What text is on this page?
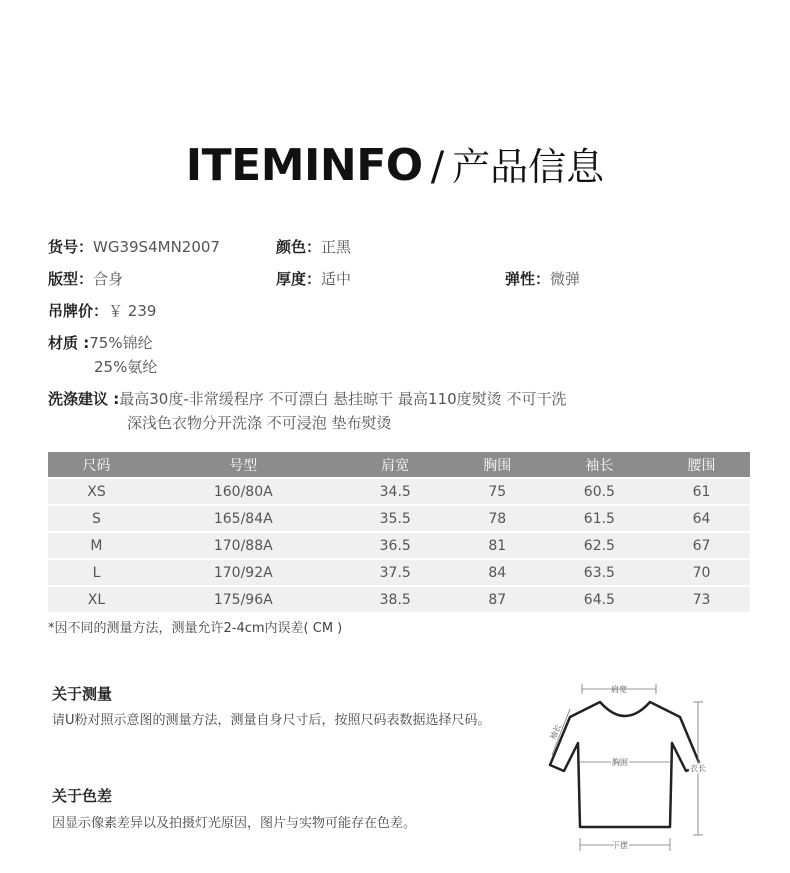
ITEMINFO / 产品信息
货号：WG39S4MN2007	颜色：正黑
版型：合身	厚度：适中	弹性：微弹
吊牌价：￥ 239
材质 :75%锦纶
25%氨纶
洗涤建议 :最高30度-非常缓程序 不可漂白 悬挂晾干 最高110度熨烫 不可干洗
深浅色衣物分开洗涤 不可浸泡 垫布熨烫
尺码	号型	肩宽	胸围	袖长	腰围
XS	160/80A	34.5	75	60.5	61
S	165/84A	35.5	78	61.5	64
M	170/88A	36.5	81	62.5	67
L	170/92A	37.5	84	63.5	70
XL	175/96A	38.5	87	64.5	73
*因不同的测量方法，测量允许2-4cm内误差( CM )
关于测量
请U粉对照示意图的测量方法，测量自身尺寸后，按照尺码表数据选择尺码。
关于色差
因显示像素差异以及拍摄灯光原因，图片与实物可能存在色差。
肩宽
袖长
胸围
衣长
下摆
